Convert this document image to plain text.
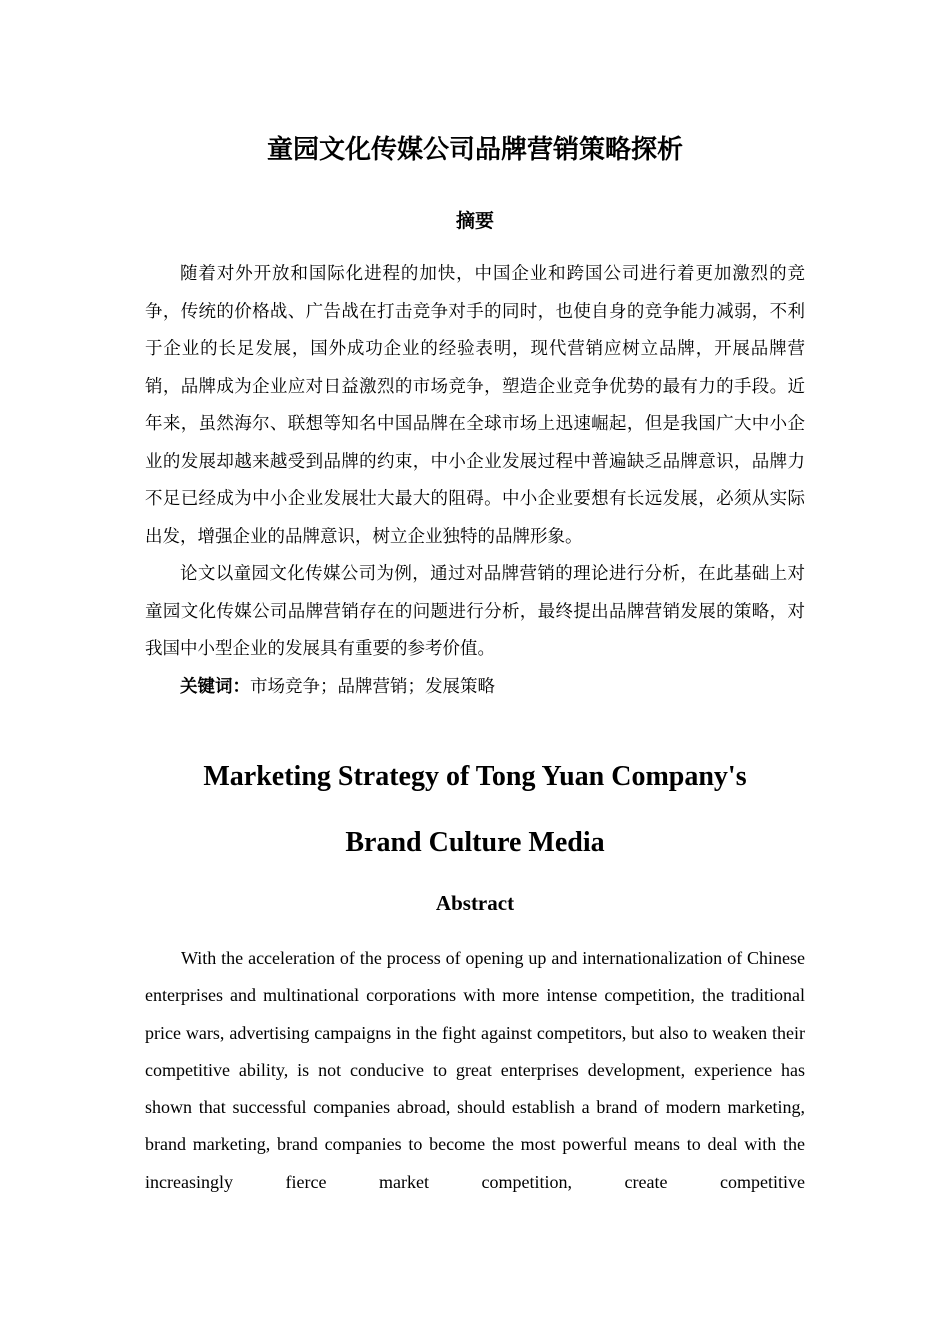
童园文化传媒公司品牌营销策略探析
摘要

随着对外开放和国际化进程的加快，中国企业和跨国公司进行着更加激烈的竞争，传统的价格战、广告战在打击竞争对手的同时，也使自身的竞争能力减弱，不利于企业的长足发展，国外成功企业的经验表明，现代营销应树立品牌，开展品牌营销，品牌成为企业应对日益激烈的市场竞争，塑造企业竞争优势的最有力的手段。近年来，虽然海尔、联想等知名中国品牌在全球市场上迅速崛起，但是我国广大中小企业的发展却越来越受到品牌的约束，中小企业发展过程中普遍缺乏品牌意识，品牌力不足已经成为中小企业发展壮大最大的阻碍。中小企业要想有长远发展，必须从实际出发，增强企业的品牌意识，树立企业独特的品牌形象。

论文以童园文化传媒公司为例，通过对品牌营销的理论进行分析，在此基础上对童园文化传媒公司品牌营销存在的问题进行分析，最终提出品牌营销发展的策略，对我国中小型企业的发展具有重要的参考价值。

关键词：市场竞争；品牌营销；发展策略

Marketing Strategy of Tong Yuan Company's
Brand Culture Media
Abstract

With the acceleration of the process of opening up and internationalization of Chinese enterprises and multinational corporations with more intense competition, the traditional price wars, advertising campaigns in the fight against competitors, but also to weaken their competitive ability, is not conducive to great enterprises development, experience has shown that successful companies abroad, should establish a brand of modern marketing, brand marketing, brand companies to become the most powerful means to deal with the increasingly fierce market competition, create competitive
